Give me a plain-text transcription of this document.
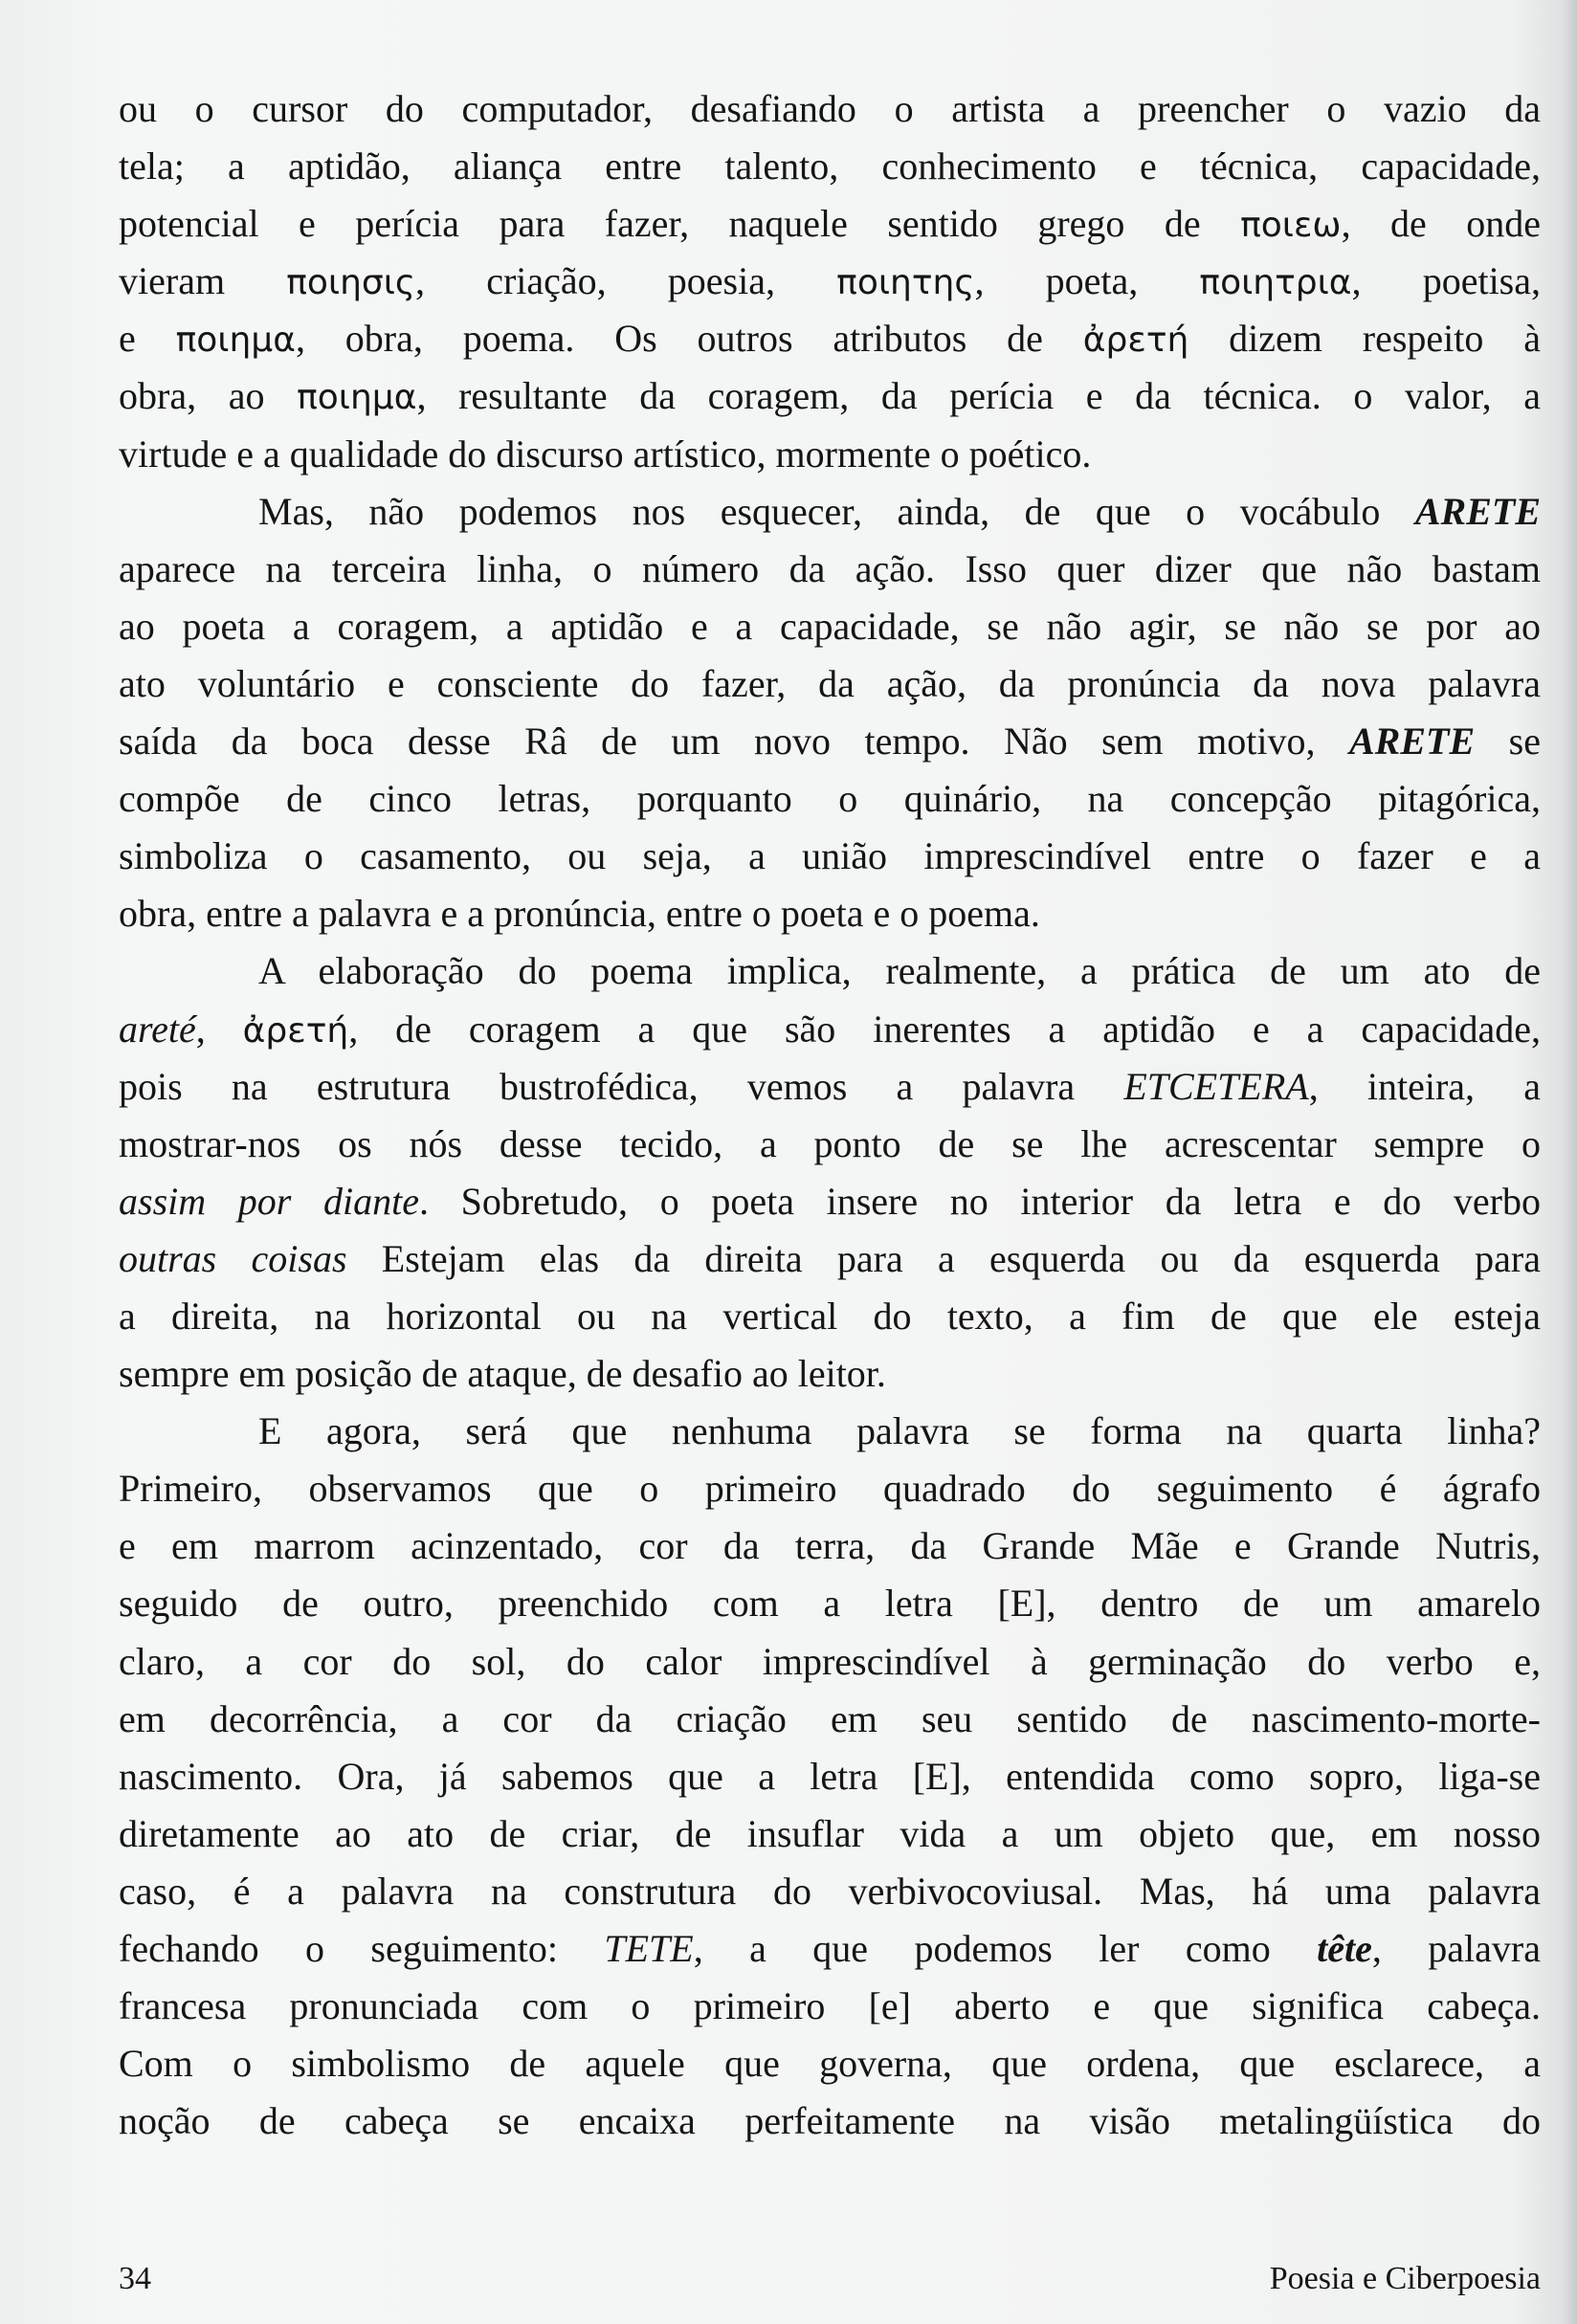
ou o cursor do computador, desafiando o artista a preencher o vazio da
tela; a aptidão, aliança entre talento, conhecimento e técnica, capacidade,
potencial e perícia para fazer, naquele sentido grego de ποιεω, de onde
vieram ποιησις, criação, poesia, ποιητης, poeta, ποιητρια, poetisa,
e ποιημα, obra, poema. Os outros atributos de ἀρετή dizem respeito à
obra, ao ποιημα, resultante da coragem, da perícia e da técnica. o valor, a
virtude e a qualidade do discurso artístico, mormente o poético.
Mas, não podemos nos esquecer, ainda, de que o vocábulo ARETE
aparece na terceira linha, o número da ação. Isso quer dizer que não bastam
ao poeta a coragem, a aptidão e a capacidade, se não agir, se não se por ao
ato voluntário e consciente do fazer, da ação, da pronúncia da nova palavra
saída da boca desse Râ de um novo tempo. Não sem motivo, ARETE se
compõe de cinco letras, porquanto o quinário, na concepção pitagórica,
simboliza o casamento, ou seja, a união imprescindível entre o fazer e a
obra, entre a palavra e a pronúncia, entre o poeta e o poema.
A elaboração do poema implica, realmente, a prática de um ato de
areté, ἀρετή, de coragem a que são inerentes a aptidão e a capacidade,
pois na estrutura bustrofédica, vemos a palavra ETCETERA, inteira, a
mostrar-nos os nós desse tecido, a ponto de se lhe acrescentar sempre o
assim por diante. Sobretudo, o poeta insere no interior da letra e do verbo
outras coisas Estejam elas da direita para a esquerda ou da esquerda para
a direita, na horizontal ou na vertical do texto, a fim de que ele esteja
sempre em posição de ataque, de desafio ao leitor.
E agora, será que nenhuma palavra se forma na quarta linha?
Primeiro, observamos que o primeiro quadrado do seguimento é ágrafo
e em marrom acinzentado, cor da terra, da Grande Mãe e Grande Nutris,
seguido de outro, preenchido com a letra [E], dentro de um amarelo
claro, a cor do sol, do calor imprescindível à germinação do verbo e,
em decorrência, a cor da criação em seu sentido de nascimento-morte-
nascimento. Ora, já sabemos que a letra [E], entendida como sopro, liga-se
diretamente ao ato de criar, de insuflar vida a um objeto que, em nosso
caso, é a palavra na construtura do verbivocoviusal. Mas, há uma palavra
fechando o seguimento: TETE, a que podemos ler como tête, palavra
francesa pronunciada com o primeiro [e] aberto e que significa cabeça.
Com o simbolismo de aquele que governa, que ordena, que esclarece, a
noção de cabeça se encaixa perfeitamente na visão metalingüística do
34	Poesia e Ciberpoesia
